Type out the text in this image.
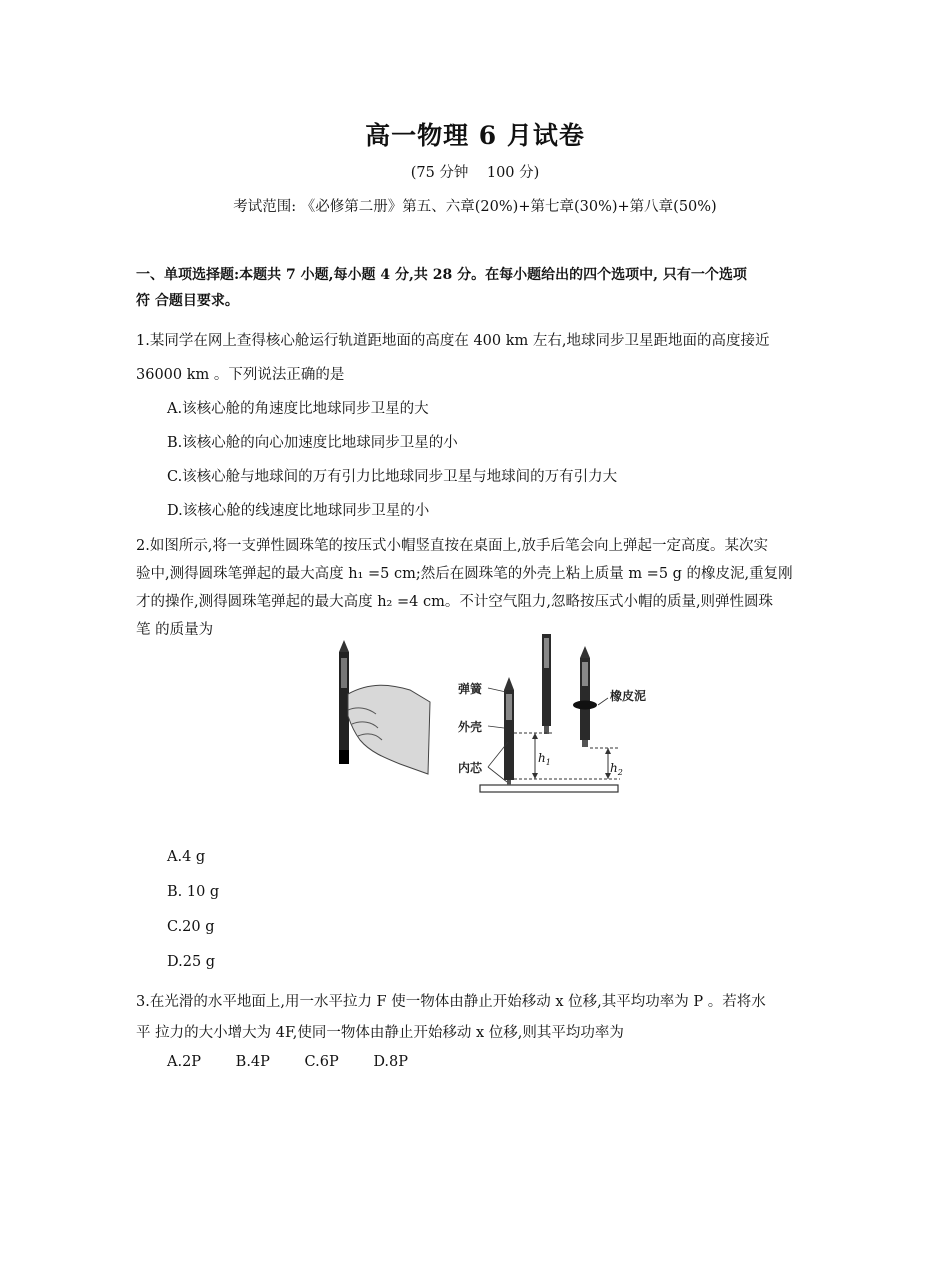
高一物理 6 月试卷
(75 分钟    100 分)
考试范围: 《必修第二册》第五、六章(20%)+第七章(30%)+第八章(50%)
一、单项选择题:本题共 7 小题,每小题 4 分,共 28 分。在每小题给出的四个选项中, 只有一个选项
符 合题目要求。
1.某同学在网上查得核心舱运行轨道距地面的高度在 400 km 左右,地球同步卫星距地面的高度接近
36000 km 。下列说法正确的是
A.该核心舱的角速度比地球同步卫星的大
B.该核心舱的向心加速度比地球同步卫星的小
C.该核心舱与地球间的万有引力比地球同步卫星与地球间的万有引力大
D.该核心舱的线速度比地球同步卫星的小
2.如图所示,将一支弹性圆珠笔的按压式小帽竖直按在桌面上,放手后笔会向上弹起一定高度。某次实
验中,测得圆珠笔弹起的最大高度 h₁ =5 cm;然后在圆珠笔的外壳上粘上质量 m =5 g 的橡皮泥,重复刚
才的操作,测得圆珠笔弹起的最大高度 h₂ =4 cm。不计空气阻力,忽略按压式小帽的质量,则弹性圆珠
笔 的质量为
弹簧
外壳
内芯
橡皮泥
$h_1$	$h_2$
A.4 g
B. 10 g
C.20 g
D.25 g
3.在光滑的水平地面上,用一水平拉力 F 使一物体由静止开始移动 x 位移,其平均功率为 P 。若将水
平 拉力的大小增大为 4F,使同一物体由静止开始移动 x 位移,则其平均功率为
A.2P B.4P C.6P D.8P
